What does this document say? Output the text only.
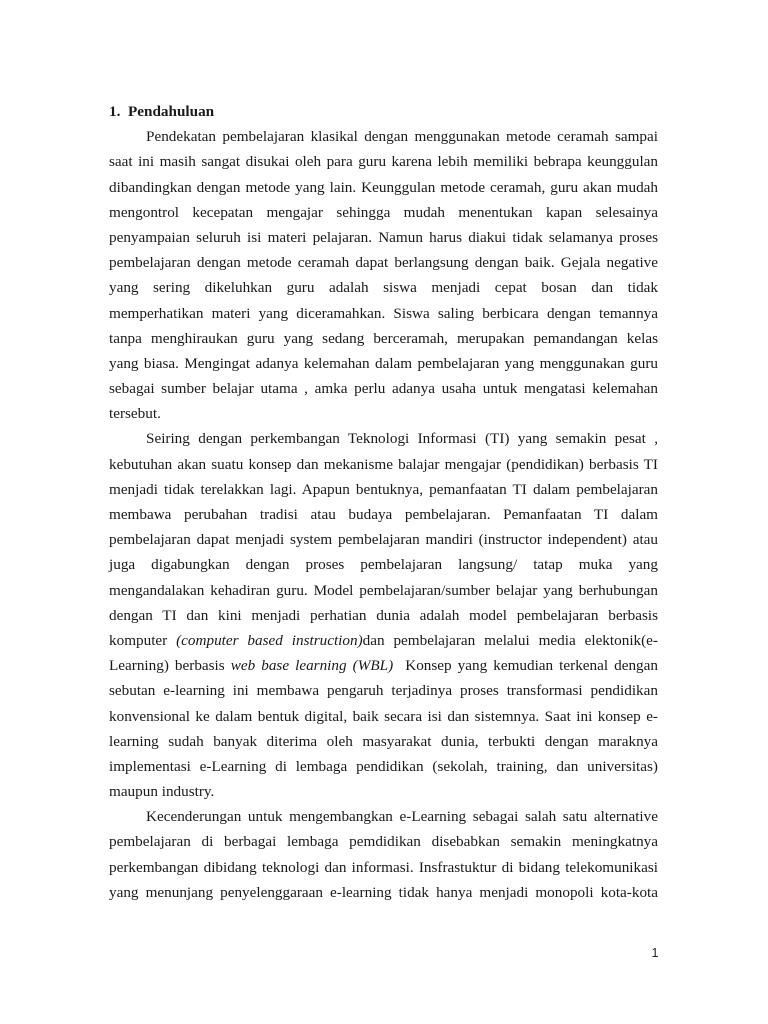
1. Pendahuluan

Pendekatan pembelajaran klasikal dengan menggunakan metode ceramah sampai
saat ini masih sangat disukai oleh para guru karena lebih memiliki bebrapa keunggulan
dibandingkan dengan metode yang lain. Keunggulan metode ceramah, guru akan mudah
mengontrol kecepatan mengajar sehingga mudah menentukan kapan selesainya
penyampaian seluruh isi materi pelajaran. Namun harus diakui tidak selamanya proses
pembelajaran dengan metode ceramah dapat berlangsung dengan baik. Gejala negative
yang sering dikeluhkan guru adalah siswa menjadi cepat bosan dan tidak
memperhatikan materi yang diceramahkan. Siswa saling berbicara dengan temannya
tanpa menghiraukan guru yang sedang berceramah, merupakan pemandangan kelas
yang biasa. Mengingat adanya kelemahan dalam pembelajaran yang menggunakan guru
sebagai sumber belajar utama , amka perlu adanya usaha untuk mengatasi kelemahan
tersebut.
Seiring dengan perkembangan Teknologi Informasi (TI) yang semakin pesat ,
kebutuhan akan suatu konsep dan mekanisme balajar mengajar (pendidikan) berbasis TI
menjadi tidak terelakkan lagi. Apapun bentuknya, pemanfaatan TI dalam pembelajaran
membawa perubahan tradisi atau budaya pembelajaran. Pemanfaatan TI dalam
pembelajaran dapat menjadi system pembelajaran mandiri (instructor independent) atau
juga digabungkan dengan proses pembelajaran langsung/ tatap muka yang
mengandalakan kehadiran guru. Model pembelajaran/sumber belajar yang berhubungan
dengan TI dan kini menjadi perhatian dunia adalah model pembelajaran berbasis
komputer (computer based instruction)dan pembelajaran melalui media elektonik(e-
Learning) berbasis web base learning (WBL)  Konsep yang kemudian terkenal dengan
sebutan e-learning ini membawa pengaruh terjadinya proses transformasi pendidikan
konvensional ke dalam bentuk digital, baik secara isi dan sistemnya. Saat ini konsep e-
learning sudah banyak diterima oleh masyarakat dunia, terbukti dengan maraknya
implementasi e-Learning di lembaga pendidikan (sekolah, training, dan universitas)
maupun industry.
Kecenderungan untuk mengembangkan e-Learning sebagai salah satu alternative
pembelajaran di berbagai lembaga pemdidikan disebabkan semakin meningkatnya
perkembangan dibidang teknologi dan informasi. Insfrastuktur di bidang telekomunikasi
yang menunjang penyelenggaraan e-learning tidak hanya menjadi monopoli kota-kota
1
